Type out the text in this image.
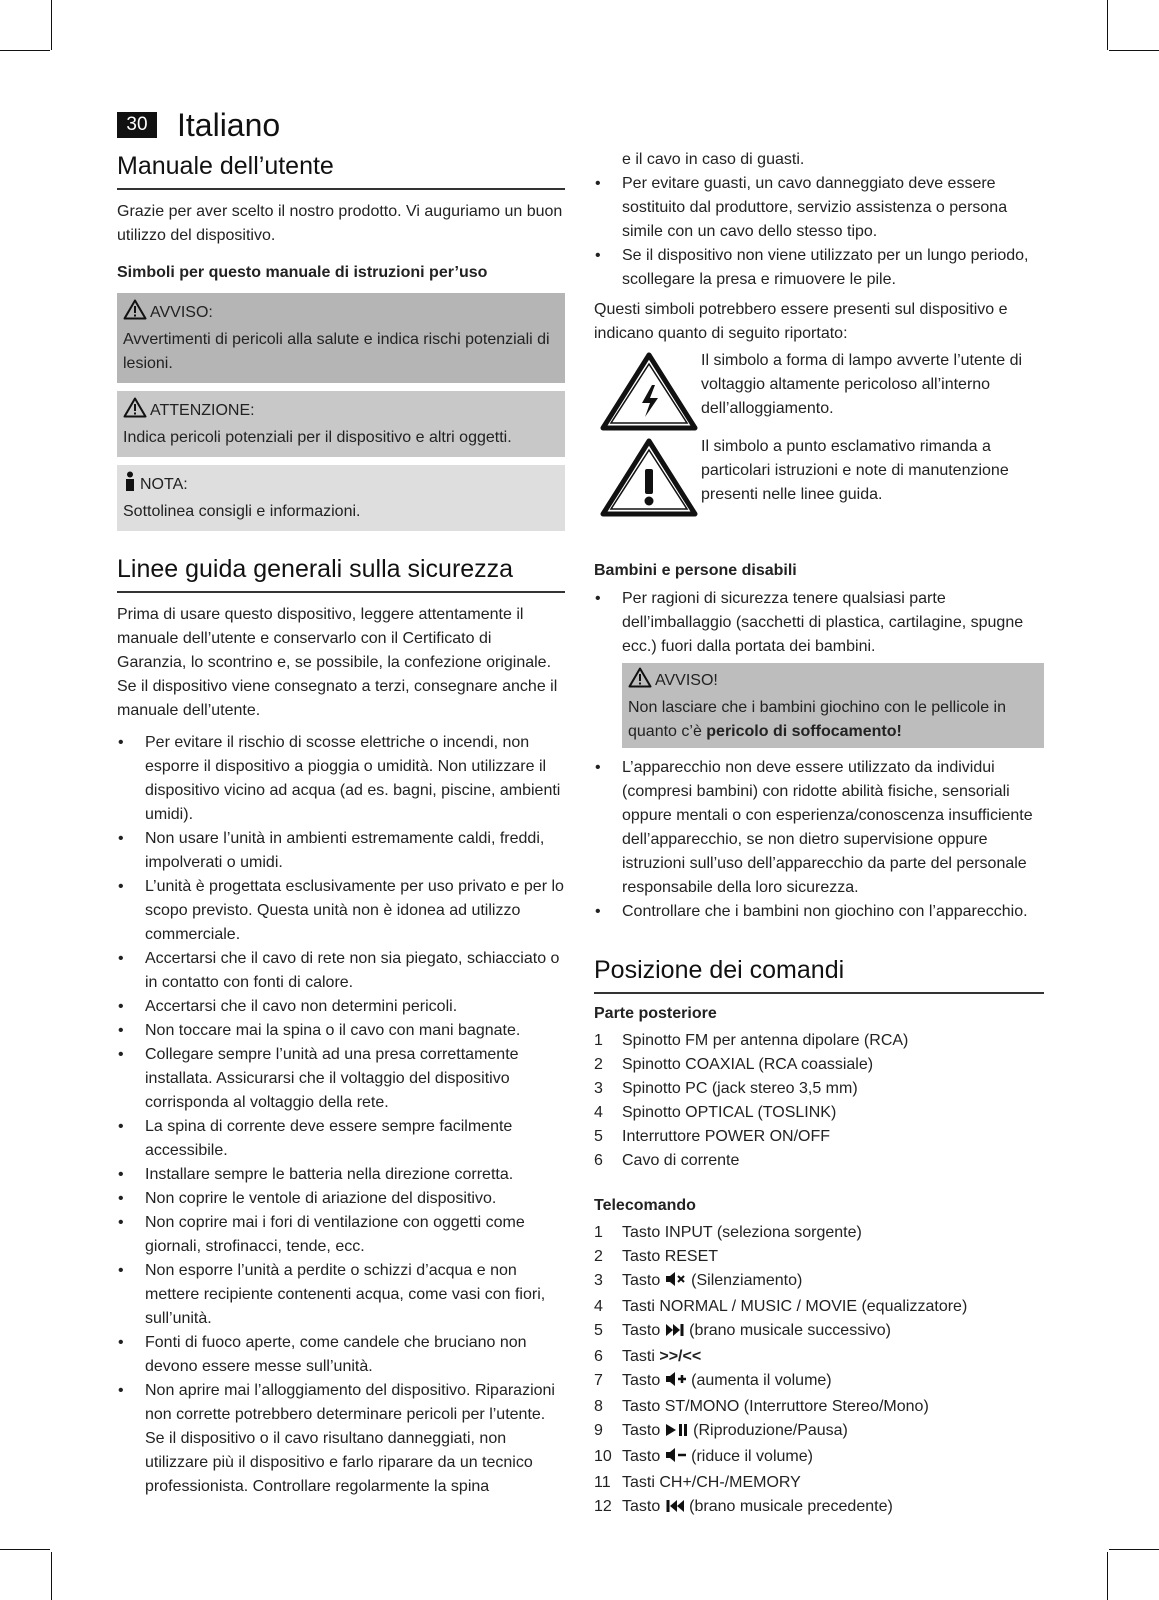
30 Italiano
Manuale dell’utente

Grazie per aver scelto il nostro prodotto. Vi auguriamo un buon utilizzo del dispositivo.

Simboli per questo manuale di istruzioni per’uso
AVVISO:
Avvertimenti di pericoli alla salute e indica rischi potenziali di lesioni.
ATTENZIONE:
Indica pericoli potenziali per il dispositivo e altri oggetti.
NOTA:
Sottolinea consigli e informazioni.
Linee guida generali sulla sicurezza

Prima di usare questo dispositivo, leggere attentamente il manuale dell’utente e conservarlo con il Certificato di Garanzia, lo scontrino e, se possibile, la confezione originale. Se il dispositivo viene consegnato a terzi, consegnare anche il manuale dell’utente.

• Per evitare il rischio di scosse elettriche o incendi, non esporre il dispositivo a pioggia o umidità. Non utilizzare il dispositivo vicino ad acqua (ad es. bagni, piscine, ambienti umidi).
• Non usare l’unità in ambienti estremamente caldi, freddi, impolverati o umidi.
• L’unità è progettata esclusivamente per uso privato e per lo scopo previsto. Questa unità non è idonea ad utilizzo commerciale.
• Accertarsi che il cavo di rete non sia piegato, schiacciato o in contatto con fonti di calore.
• Accertarsi che il cavo non determini pericoli.
• Non toccare mai la spina o il cavo con mani bagnate.
• Collegare sempre l’unità ad una presa correttamente installata. Assicurarsi che il voltaggio del dispositivo corrisponda al voltaggio della rete.
• La spina di corrente deve essere sempre facilmente accessibile.
• Installare sempre le batteria nella direzione corretta.
• Non coprire le ventole di ariazione del dispositivo.
• Non coprire mai i fori di ventilazione con oggetti come giornali, strofinacci, tende, ecc.
• Non esporre l’unità a perdite o schizzi d’acqua e non mettere recipiente contenenti acqua, come vasi con fiori, sull’unità.
• Fonti di fuoco aperte, come candele che bruciano non devono essere messe sull’unità.
• Non aprire mai l’alloggiamento del dispositivo. Riparazioni non corrette potrebbero determinare pericoli per l’utente. Se il dispositivo o il cavo risultano danneggiati, non utilizzare più il dispositivo e farlo riparare da un tecnico professionista. Controllare regolarmente la spina

e il cavo in caso di guasti.

• Per evitare guasti, un cavo danneggiato deve essere sostituito dal produttore, servizio assistenza o persona simile con un cavo dello stesso tipo.
• Se il dispositivo non viene utilizzato per un lungo periodo, scollegare la presa e rimuovere le pile.

Questi simboli potrebbero essere presenti sul dispositivo e indicano quanto di seguito riportato:

Il simbolo a forma di lampo avverte l’utente di voltaggio altamente pericoloso all’interno dell’alloggiamento.

Il simbolo a punto esclamativo rimanda a particolari istruzioni e note di manutenzione presenti nelle linee guida.

Bambini e persone disabili
• Per ragioni di sicurezza tenere qualsiasi parte dell’imballaggio (sacchetti di plastica, cartilagine, spugne ecc.) fuori dalla portata dei bambini.
AVVISO!
Non lasciare che i bambini giochino con le pellicole in quanto c’è pericolo di soffocamento!
• L’apparecchio non deve essere utilizzato da individui (compresi bambini) con ridotte abilità fisiche, sensoriali oppure mentali o con esperienza/conoscenza insufficiente dell’apparecchio, se non dietro supervisione oppure istruzioni sull’uso dell’apparecchio da parte del personale responsabile della loro sicurezza.
• Controllare che i bambini non giochino con l’apparecchio.
Posizione dei comandi
Parte posteriore
1 Spinotto FM per antenna dipolare (RCA)
2 Spinotto COAXIAL (RCA coassiale)
3 Spinotto PC (jack stereo 3,5 mm)
4 Spinotto OPTICAL (TOSLINK)
5 Interruttore POWER ON/OFF
6 Cavo di corrente
Telecomando
1 Tasto INPUT (seleziona sorgente)
2 Tasto RESET
3 Tasto  (Silenziamento)
4 Tasti NORMAL / MUSIC / MOVIE (equalizzatore)
5 Tasto  (brano musicale successivo)
6 Tasti >>/<<
7 Tasto  (aumenta il volume)
8 Tasto ST/MONO (Interruttore Stereo/Mono)
9 Tasto  (Riproduzione/Pausa)
10 Tasto  (riduce il volume)
11 Tasti CH+/CH-/MEMORY
12 Tasto  (brano musicale precedente)
